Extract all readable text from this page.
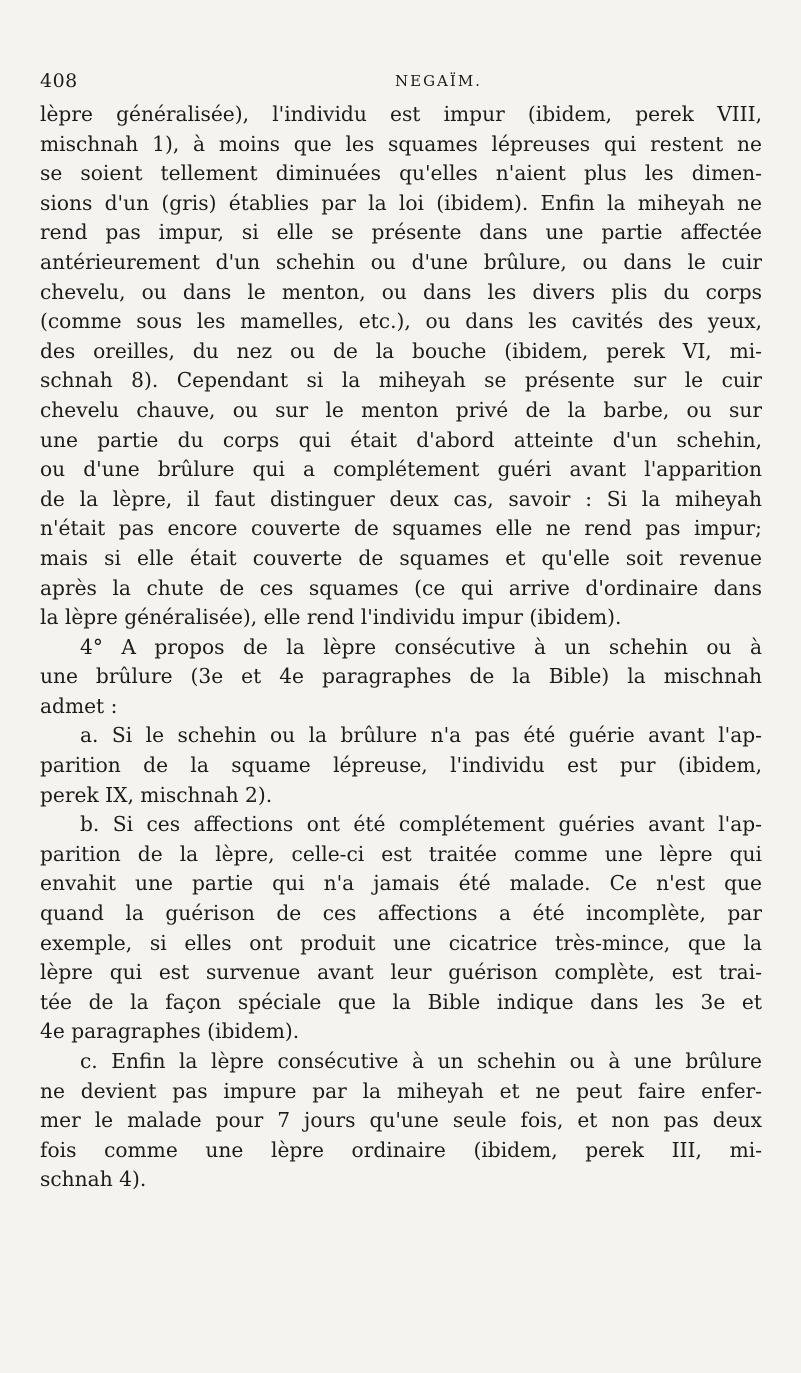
408	NEGAÏM.
lèpre généralisée), l'individu est impur (ibidem, perek VIII,
mischnah 1), à moins que les squames lépreuses qui restent ne
se soient tellement diminuées qu'elles n'aient plus les dimen-
sions d'un (gris) établies par la loi (ibidem). Enfin la miheyah ne
rend pas impur, si elle se présente dans une partie affectée
antérieurement d'un schehin ou d'une brûlure, ou dans le cuir
chevelu, ou dans le menton, ou dans les divers plis du corps
(comme sous les mamelles, etc.), ou dans les cavités des yeux,
des oreilles, du nez ou de la bouche (ibidem, perek VI, mi-
schnah 8). Cependant si la miheyah se présente sur le cuir
chevelu chauve, ou sur le menton privé de la barbe, ou sur
une partie du corps qui était d'abord atteinte d'un schehin,
ou d'une brûlure qui a complétement guéri avant l'apparition
de la lèpre, il faut distinguer deux cas, savoir : Si la miheyah
n'était pas encore couverte de squames elle ne rend pas impur;
mais si elle était couverte de squames et qu'elle soit revenue
après la chute de ces squames (ce qui arrive d'ordinaire dans
la lèpre généralisée), elle rend l'individu impur (ibidem).
4° A propos de la lèpre consécutive à un schehin ou à
une brûlure (3e et 4e paragraphes de la Bible) la mischnah
admet :
a. Si le schehin ou la brûlure n'a pas été guérie avant l'ap-
parition de la squame lépreuse, l'individu est pur (ibidem,
perek IX, mischnah 2).
b. Si ces affections ont été complétement guéries avant l'ap-
parition de la lèpre, celle-ci est traitée comme une lèpre qui
envahit une partie qui n'a jamais été malade. Ce n'est que
quand la guérison de ces affections a été incomplète, par
exemple, si elles ont produit une cicatrice très-mince, que la
lèpre qui est survenue avant leur guérison complète, est trai-
tée de la façon spéciale que la Bible indique dans les 3e et
4e paragraphes (ibidem).
c. Enfin la lèpre consécutive à un schehin ou à une brûlure
ne devient pas impure par la miheyah et ne peut faire enfer-
mer le malade pour 7 jours qu'une seule fois, et non pas deux
fois comme une lèpre ordinaire (ibidem, perek III, mi-
schnah 4).
